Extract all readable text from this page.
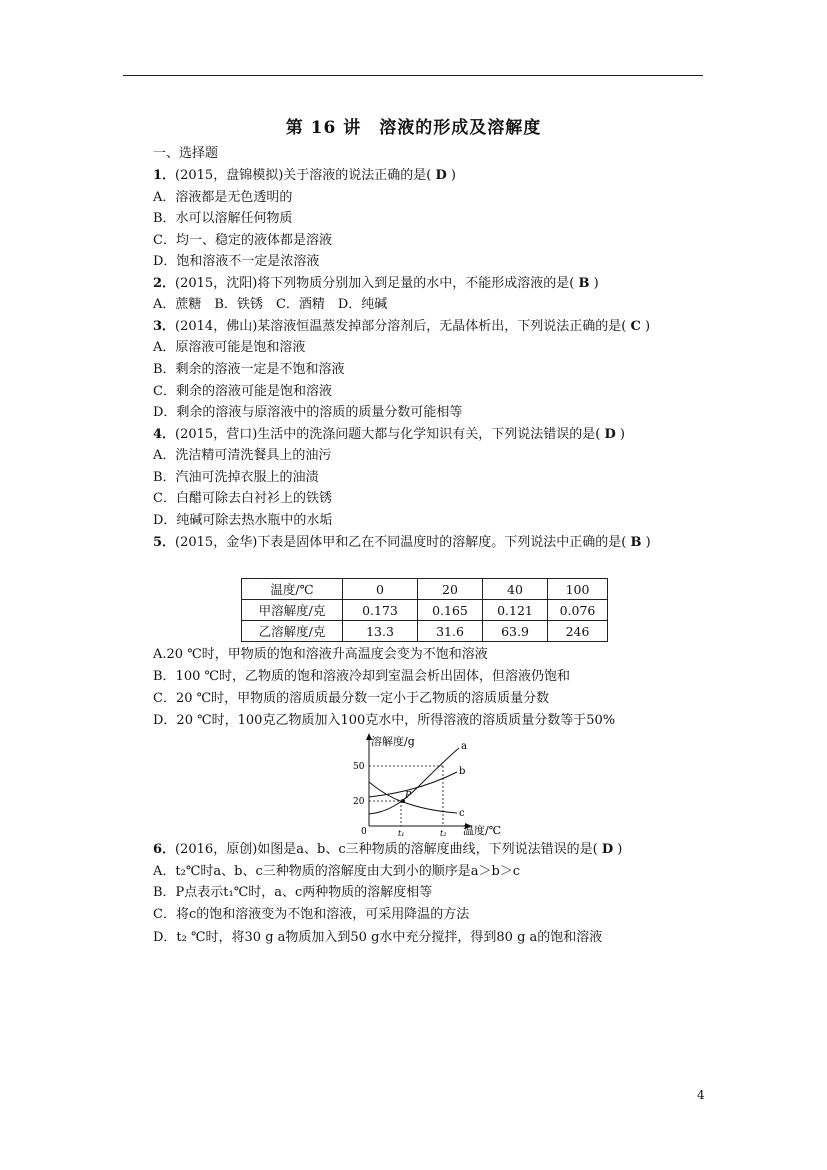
第 16 讲　溶液的形成及溶解度
一、选择题
1．(2015，盘锦模拟)关于溶液的说法正确的是( D )
A．溶液都是无色透明的
B．水可以溶解任何物质
C．均一、稳定的液体都是溶液
D．饱和溶液不一定是浓溶液
2．(2015，沈阳)将下列物质分别加入到足量的水中，不能形成溶液的是( B )
A．蔗糖　B．铁锈　C．酒精　D．纯碱
3．(2014，佛山)某溶液恒温蒸发掉部分溶剂后，无晶体析出，下列说法正确的是( C )
A．原溶液可能是饱和溶液
B．剩余的溶液一定是不饱和溶液
C．剩余的溶液可能是饱和溶液
D．剩余的溶液与原溶液中的溶质的质量分数可能相等
4．(2015，营口)生活中的洗涤问题大都与化学知识有关，下列说法错误的是( D )
A．洗洁精可清洗餐具上的油污
B．汽油可洗掉衣服上的油渍
C．白醋可除去白衬衫上的铁锈
D．纯碱可除去热水瓶中的水垢
5．(2015，金华)下表是固体甲和乙在不同温度时的溶解度。下列说法中正确的是( B )
温度/℃	0	20	40	100
甲溶解度/克	0.173	0.165	0.121	0.076
乙溶解度/克	13.3	31.6	63.9	246
A.20 ℃时，甲物质的饱和溶液升高温度会变为不饱和溶液
B．100 ℃时，乙物质的饱和溶液冷却到室温会析出固体，但溶液仍饱和
C．20 ℃时，甲物质的溶质质最分数一定小于乙物质的溶质质量分数
D．20 ℃时，100克乙物质加入100克水中，所得溶液的溶质质量分数等于50%
溶解度/g
温度/℃
0
50
20
t₁	t₂
a
b
c
P
6．(2016，原创)如图是a、b、c三种物质的溶解度曲线，下列说法错误的是( D )
A．t₂℃时a、b、c三种物质的溶解度由大到小的顺序是a＞b＞c
B．P点表示t₁℃时，a、c两种物质的溶解度相等
C．将c的饱和溶液变为不饱和溶液，可采用降温的方法
D．t₂ ℃时，将30 g a物质加入到50 g水中充分搅拌，得到80 g a的饱和溶液
4
